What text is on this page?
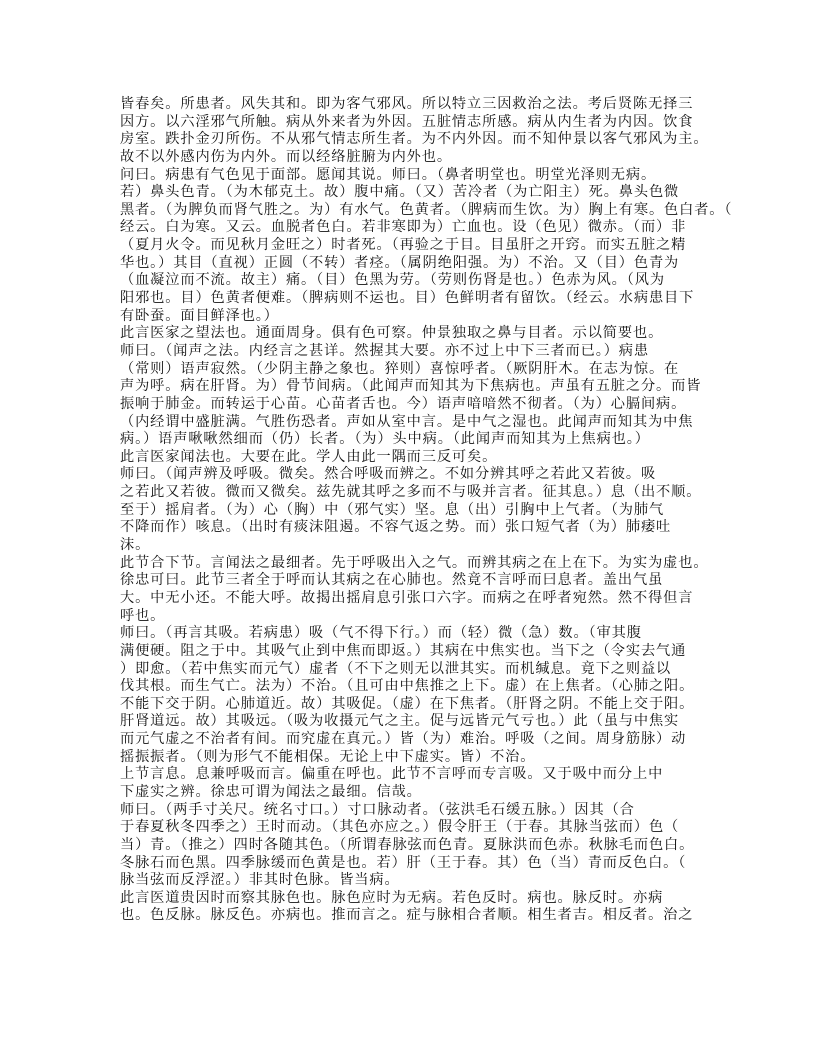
皆春矣。所患者。风失其和。即为客气邪风。所以特立三因救治之法。考后贤陈无择三
因方。以六淫邪气所触。病从外来者为外因。五脏情志所感。病从内生者为内因。饮食
房室。跌扑金刃所伤。不从邪气情志所生者。为不内外因。而不知仲景以客气邪风为主。
故不以外感内伤为内外。而以经络脏腑为内外也。
问曰。病患有气色见于面部。愿闻其说。师曰。（鼻者明堂也。明堂光泽则无病。
若）鼻头色青。（为木郁克土。故）腹中痛。（又）苦冷者（为亡阳主）死。鼻头色微
黑者。（为脾负而肾气胜之。为）有水气。色黄者。（脾病而生饮。为）胸上有寒。色白者。（
经云。白为寒。又云。血脱者色白。若非寒即为）亡血也。设（色见）微赤。（而）非
（夏月火令。而见秋月金旺之）时者死。（再验之于目。目虽肝之开窍。而实五脏之精
华也。）其目（直视）正圆（不转）者痉。（属阴绝阳强。为）不治。又（目）色青为
（血凝泣而不流。故主）痛。（目）色黑为劳。（劳则伤肾是也。）色赤为风。（风为
阳邪也。目）色黄者便难。（脾病则不运也。目）色鲜明者有留饮。（经云。水病患目下
有卧蚕。面目鲜泽也。）
此言医家之望法也。通面周身。俱有色可察。仲景独取之鼻与目者。示以简要也。
师曰。（闻声之法。内经言之甚详。然握其大要。亦不过上中下三者而已。）病患
（常则）语声寂然。（少阴主静之象也。猝则）喜惊呼者。（厥阴肝木。在志为惊。在
声为呼。病在肝肾。为）骨节间病。（此闻声而知其为下焦病也。声虽有五脏之分。而皆
振响于肺金。而转运于心苗。心苗者舌也。今）语声喑喑然不彻者。（为）心膈间病。
（内经谓中盛脏满。气胜伤恐者。声如从室中言。是中气之湿也。此闻声而知其为中焦
病。）语声啾啾然细而（仍）长者。（为）头中病。（此闻声而知其为上焦病也。）
此言医家闻法也。大要在此。学人由此一隅而三反可矣。
师曰。（闻声辨及呼吸。微矣。然合呼吸而辨之。不如分辨其呼之若此又若彼。吸
之若此又若彼。微而又微矣。兹先就其呼之多而不与吸并言者。征其息。）息（出不顺。
至于）摇肩者。（为）心（胸）中（邪气实）坚。息（出）引胸中上气者。（为肺气
不降而作）咳息。（出时有痰沫阻遏。不容气返之势。而）张口短气者（为）肺痿吐
沫。
此节合下节。言闻法之最细者。先于呼吸出入之气。而辨其病之在上在下。为实为虚也。
徐忠可曰。此节三者全于呼而认其病之在心肺也。然竟不言呼而曰息者。盖出气虽
大。中无小还。不能大呼。故揭出摇肩息引张口六字。而病之在呼者宛然。然不得但言
呼也。
师曰。（再言其吸。若病患）吸（气不得下行。）而（轻）微（急）数。（审其腹
满便硬。阻之于中。其吸气止到中焦而即返。）其病在中焦实也。当下之（令实去气通
）即愈。（若中焦实而元气）虚者（不下之则无以泄其实。而机缄息。竟下之则益以
伐其根。而生气亡。法为）不治。（且可由中焦推之上下。虚）在上焦者。（心肺之阳。
不能下交于阴。心肺道近。故）其吸促。（虚）在下焦者。（肝肾之阴。不能上交于阳。
肝肾道远。故）其吸远。（吸为收摄元气之主。促与远皆元气亏也。）此（虽与中焦实
而元气虚之不治者有间。而究虚在真元。）皆（为）难治。呼吸（之间。周身筋脉）动
摇振振者。（则为形气不能相保。无论上中下虚实。皆）不治。
上节言息。息兼呼吸而言。偏重在呼也。此节不言呼而专言吸。又于吸中而分上中
下虚实之辨。徐忠可谓为闻法之最细。信哉。
师曰。（两手寸关尺。统名寸口。）寸口脉动者。（弦洪毛石缓五脉。）因其（合
于春夏秋冬四季之）王时而动。（其色亦应之。）假令肝王（于春。其脉当弦而）色（
当）青。（推之）四时各随其色。（所谓春脉弦而色青。夏脉洪而色赤。秋脉毛而色白。
冬脉石而色黑。四季脉缓而色黄是也。若）肝（王于春。其）色（当）青而反色白。（
脉当弦而反浮涩。）非其时色脉。皆当病。
此言医道贵因时而察其脉色也。脉色应时为无病。若色反时。病也。脉反时。亦病
也。色反脉。脉反色。亦病也。推而言之。症与脉相合者顺。相生者吉。相反者。治之
